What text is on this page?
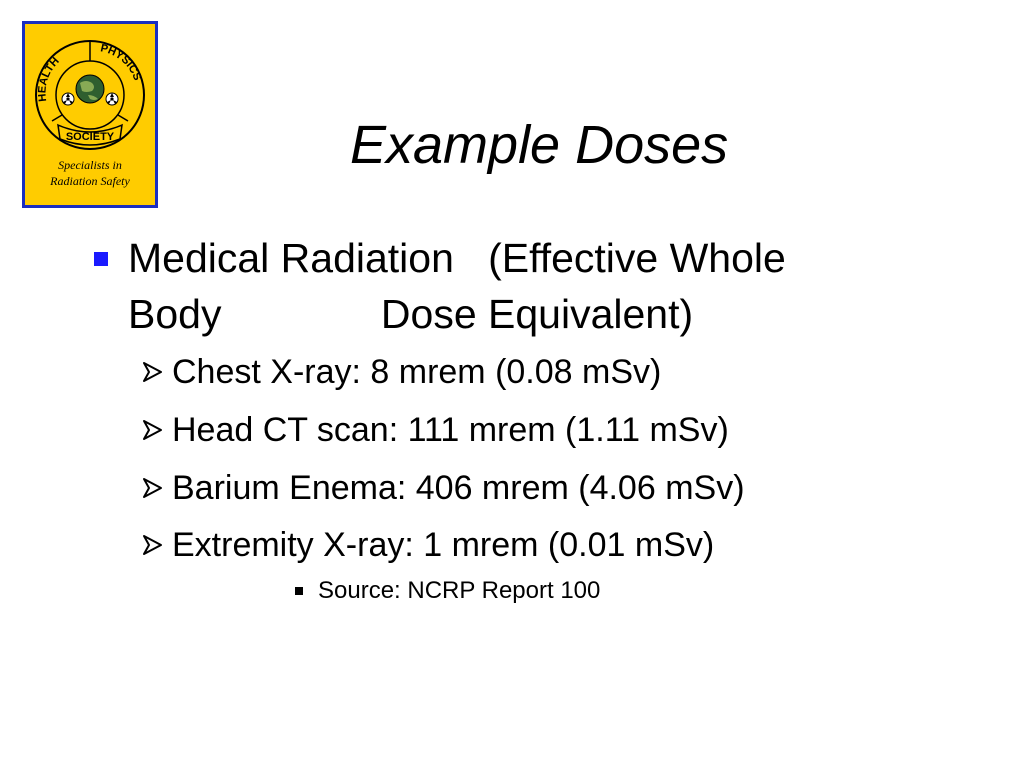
HEALTH
PHYSICS
SOCIETY
Specialists in
Radiation Safety
Example Doses
Medical Radiation   (Effective Whole
Body              Dose Equivalent)
Chest X-ray: 8 mrem (0.08 mSv)
Head CT scan: 111 mrem (1.11 mSv)
Barium Enema: 406 mrem (4.06 mSv)
Extremity X-ray: 1 mrem (0.01 mSv)
Source: NCRP Report 100
